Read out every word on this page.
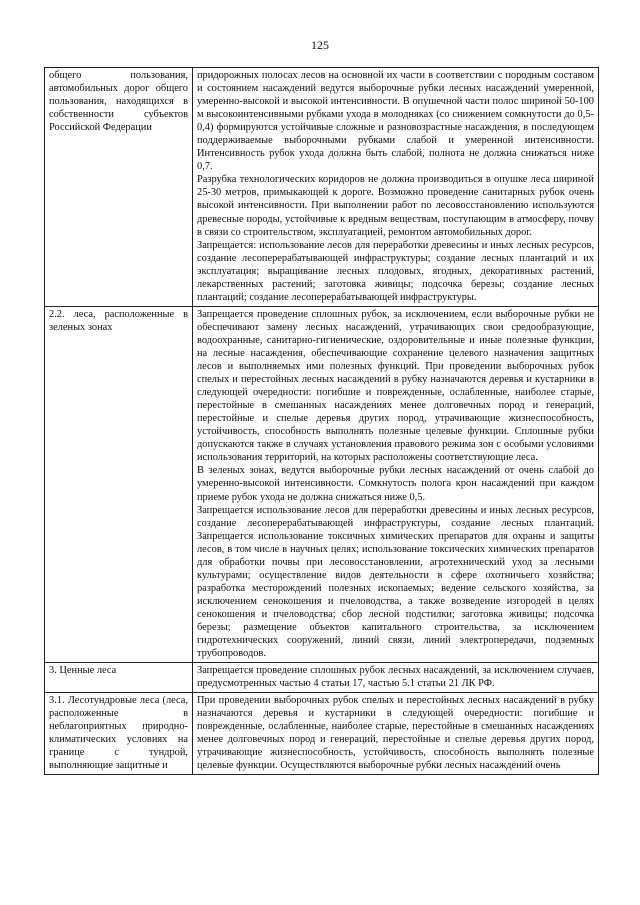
125
общего пользования, автомобильных дорог общего пользования, находящихся в собственности субъектов Российской Федерации	придорожных полосах лесов на основной их части в соответствии с породным составом и состоянием насаждений ведутся выборочные рубки лесных насаждений умеренной, умеренно-высокой и высокой интенсивности. В опушечной части полос шириной 50-100 м высокоинтенсивными рубками ухода в молодняках (со снижением сомкнутости до 0,5-0,4) формируются устойчивые сложные и разновозрастные насаждения, в последующем поддерживаемые выборочными рубками слабой и умеренной интенсивности. Интенсивность рубок ухода должна быть слабой, полнота не должна снижаться ниже 0,7.
Разрубка технологических коридоров не должна производиться в опушке леса шириной 25-30 метров, примыкающей к дороге. Возможно проведение санитарных рубок очень высокой интенсивности. При выполнении работ по лесовосстановлению используются древесные породы, устойчивые к вредным веществам, поступающим в атмосферу, почву в связи со строительством, эксплуатацией, ремонтом автомобильных дорог.
Запрещается: использование лесов для переработки древесины и иных лесных ресурсов, создание лесоперерабатывающей инфраструктуры; создание лесных плантаций и их эксплуатация; выращивание лесных плодовых, ягодных, декоративных растений, лекарственных растений; заготовка живицы; подсочка березы; создание лесных плантаций; создание лесоперерабатывающей инфраструктуры.

2.2. леса, расположенные в зеленых зонах	Запрещается проведение сплошных рубок, за исключением, если выборочные рубки не обеспечивают замену лесных насаждений, утрачивающих свои средообразующие, водоохранные, санитарно-гигиенические, оздоровительные и иные полезные функции, на лесные насаждения, обеспечивающие сохранение целевого назначения защитных лесов и выполняемых ими полезных функций. При проведении выборочных рубок спелых и перестойных лесных насаждений в рубку назначаются деревья и кустарники в следующей очередности: погибшие и поврежденные, ослабленные, наиболее старые, перестойные в смешанных насаждениях менее долговечных пород и генераций, перестойные и спелые деревья других пород, утрачивающие жизнеспособность, устойчивость, способность выполнять полезные целевые функции. Сплошные рубки допускаются также в случаях установления правового режима зон с особыми условиями использования территорий, на которых расположены соответствующие леса.
В зеленых зонах, ведутся выборочные рубки лесных насаждений от очень слабой до умеренно-высокой интенсивности. Сомкнутость полога крон насаждений при каждом приеме рубок ухода не должна снижаться ниже 0,5.
Запрещается использование лесов для переработки древесины и иных лесных ресурсов, создание лесоперерабатывающей инфраструктуры, создание лесных плантаций. Запрещается использование токсичных химических препаратов для охраны и защиты лесов, в том числе в научных целях; использование токсических химических препаратов для обработки почвы при лесовосстановлении, агротехнический уход за лесными культурами; осуществление видов деятельности в сфере охотничьего хозяйства; разработка месторождений полезных ископаемых; ведение сельского хозяйства, за исключением сенокошения и пчеловодства, а также возведение изгородей в целях сенокошения и пчеловодства; сбор лесной подстилки; заготовка живицы; подсочка березы; размещение объектов капитального строительства, за исключением гидротехнических сооружений, линий связи, линий электропередачи, подземных трубопроводов.

3. Ценные леса	Запрещается проведение сплошных рубок лесных насаждений, за исключением случаев, предусмотренных частью 4 статьи 17, частью 5.1 статьи 21 ЛК РФ.

3.1. Лесотундровые леса (леса, расположенные в неблагоприятных природно-климатических условиях на границе с тундрой, выполняющие защитные и	При проведении выборочных рубок спелых и перестойных лесных насаждений в рубку назначаются деревья и кустарники в следующей очередности: погибшие и поврежденные, ослабленные, наиболее старые, перестойные в смешанных насаждениях менее долговечных пород и генераций, перестойные и спелые деревья других пород, утрачивающие жизнеспособность, устойчивость, способность выполнять полезные целевые функции. Осуществляются выборочные рубки лесных насаждений очень
